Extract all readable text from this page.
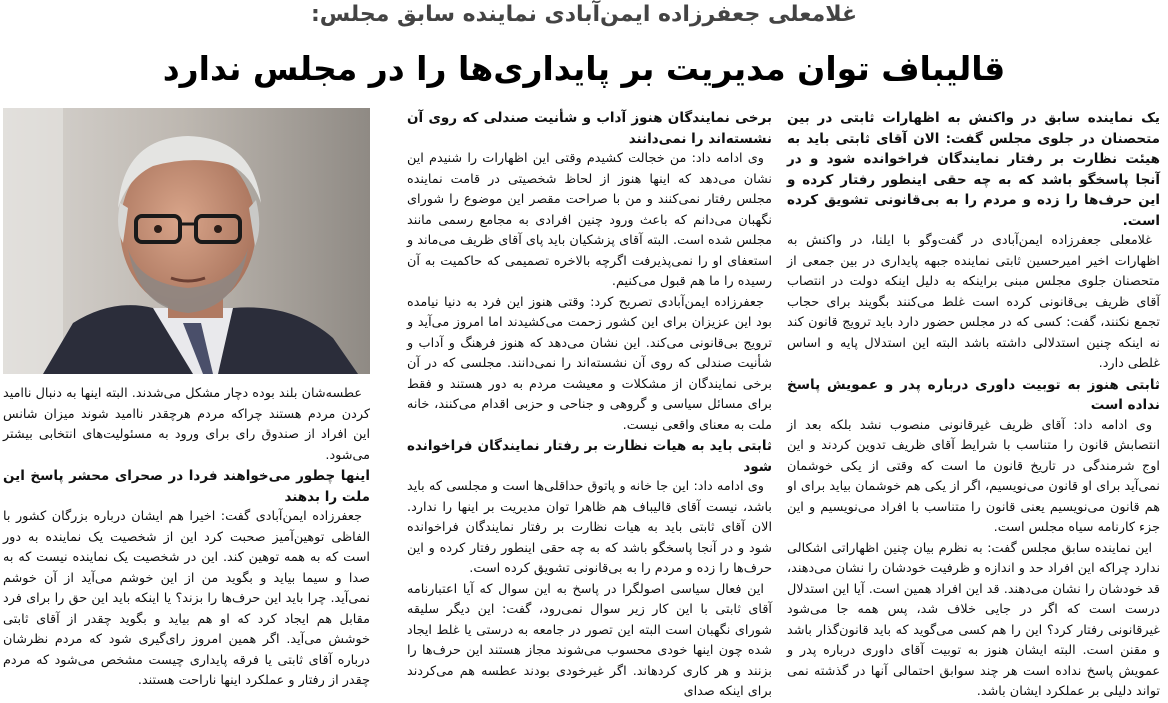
غلامعلی جعفرزاده ایمن‌آبادی نماینده سابق مجلس:
قالیباف توان مدیریت بر پایداری‌ها را در مجلس ندارد

یک نماینده سابق در واکنش به اظهارات ثابتی در بین متحصنان در جلوی مجلس گفت: الان آقای ثابتی باید به هیئت نظارت بر رفتار نمایندگان فراخوانده شود و در آنجا پاسخگو باشد که به چه حقی اینطور رفتار کرده و این حرف‌ها را زده و مردم را به بی‌قانونی تشویق کرده است.

غلامعلی جعفرزاده ایمن‌آبادی در گفت‌وگو با ایلنا، در واکنش به اظهارات اخیر امیرحسین ثابتی نماینده جبهه پایداری در بین جمعی از متحصنان جلوی مجلس مبنی براینکه به دلیل اینکه دولت در انتصاب آقای ظریف بی‌قانونی کرده است غلط می‌کنند بگویند برای حجاب تجمع نکنند، گفت: کسی که در مجلس حضور دارد باید ترویج قانون کند نه اینکه چنین استدلالی داشته باشد البته این استدلال پایه و اساس غلطی دارد.

ثابتی هنوز به توبیت داوری درباره پدر و عمویش پاسخ نداده است

وی ادامه داد: آقای ظریف غیرقانونی منصوب نشد بلکه بعد از انتصابش قانون را متناسب با شرایط آقای ظریف تدوین کردند و این اوج شرمندگی در تاریخ قانون ما است که وقتی از یکی خوشمان نمی‌آید برای او قانون می‌نویسیم، اگر از یکی هم خوشمان بیاید برای او هم قانون می‌نویسیم یعنی قانون را متناسب با افراد می‌نویسیم و این جزء کارنامه سیاه مجلس است.

این نماینده سابق مجلس گفت: به نظرم بیان چنین اظهاراتی اشکالی ندارد چراکه این افراد حد و اندازه و ظرفیت خودشان را نشان می‌دهند، قد خودشان را نشان می‌دهند. قد این افراد همین است. آیا این استدلال درست است که اگر در جایی خلاف شد، پس همه جا می‌شود غیرقانونی رفتار کرد؟ این را هم کسی می‌گوید که باید قانون‌گذار باشد و مقنن است. البته ایشان هنوز به توبیت آقای داوری درباره پدر و عمویش پاسخ نداده است هر چند سوابق احتمالی آنها در گذشته نمی تواند دلیلی بر عملکرد ایشان باشد.

برخی نمایندگان هنوز آداب و شأنیت صندلی که روی آن نشسته‌اند را نمی‌دانند

وی ادامه داد: من خجالت کشیدم وقتی این اظهارات را شنیدم این نشان می‌دهد که اینها هنوز از لحاظ شخصیتی در قامت نماینده مجلس رفتار نمی‌کنند و من با صراحت مقصر این موضوع را شورای نگهبان می‌دانم که باعث ورود چنین افرادی به مجامع رسمی مانند مجلس شده است. البته آقای پزشکیان باید پای آقای ظریف می‌ماند و استعفای او را نمی‌پذیرفت اگرچه بالاخره تصمیمی که حاکمیت به آن رسیده را ما هم قبول می‌کنیم.

جعفرزاده ایمن‌آبادی تصریح کرد: وقتی هنوز این فرد به دنیا نیامده بود این عزیزان برای این کشور زحمت می‌کشیدند اما امروز می‌آید و ترویج بی‌قانونی می‌کند. این نشان می‌دهد که هنوز فرهنگ و آداب و شأنیت صندلی که روی آن نشسته‌اند را نمی‌دانند. مجلسی که در آن برخی نمایندگان از مشکلات و معیشت مردم به دور هستند و فقط برای مسائل سیاسی و گروهی و جناحی و حزبی اقدام می‌کنند، خانه ملت به معنای واقعی نیست.

ثابتی باید به هیات نظارت بر رفتار نمایندگان فراخوانده شود

وی ادامه داد: این جا خانه و پاتوق حداقلی‌ها است و مجلسی که باید باشد، نیست آقای قالیباف هم ظاهرا توان مدیریت بر اینها را ندارد. الان آقای ثابتی باید به هیات نظارت بر رفتار نمایندگان فراخوانده شود و در آنجا پاسخگو باشد که به چه حقی اینطور رفتار کرده و این حرف‌ها را زده و مردم را به بی‌قانونی تشویق کرده است.

این فعال سیاسی اصولگرا در پاسخ به این سوال که آیا اعتبارنامه آقای ثابتی با این کار زیر سوال نمی‌رود، گفت: این دیگر سلیقه شورای نگهبان است البته این تصور در جامعه به درستی یا غلط ایجاد شده چون اینها خودی محسوب می‌شوند مجاز هستند این حرف‌ها را بزنند و هر کاری کردهاند. اگر غیرخودی بودند عطسه هم می‌کردند برای اینکه صدای

عطسه‌شان بلند بوده دچار مشکل می‌شدند. البته اینها به دنبال ناامید کردن مردم هستند چراکه مردم هرچقدر ناامید شوند میزان شانس این افراد از صندوق رای برای ورود به مسئولیت‌های انتخابی بیشتر می‌شود.

اینها چطور می‌خواهند فردا در صحرای محشر پاسخ این ملت را بدهند

جعفرزاده ایمن‌آبادی گفت: اخیرا هم ایشان درباره بزرگان کشور با الفاظی توهین‌آمیز صحبت کرد این از شخصیت یک نماینده به دور است که به همه توهین کند. این در شخصیت یک نماینده نیست که به صدا و سیما بیاید و بگوید من از این خوشم می‌آید از آن خوشم نمی‌آید. چرا باید این حرف‌ها را بزند؟ یا اینکه باید این حق را برای فرد مقابل هم ایجاد کرد که او هم بیاید و بگوید چقدر از آقای ثابتی خوشش می‌آید. اگر همین امروز رای‌گیری شود که مردم نظرشان درباره آقای ثابتی یا فرقه پایداری چیست مشخص می‌شود که مردم چقدر از رفتار و عملکرد اینها ناراحت هستند.
